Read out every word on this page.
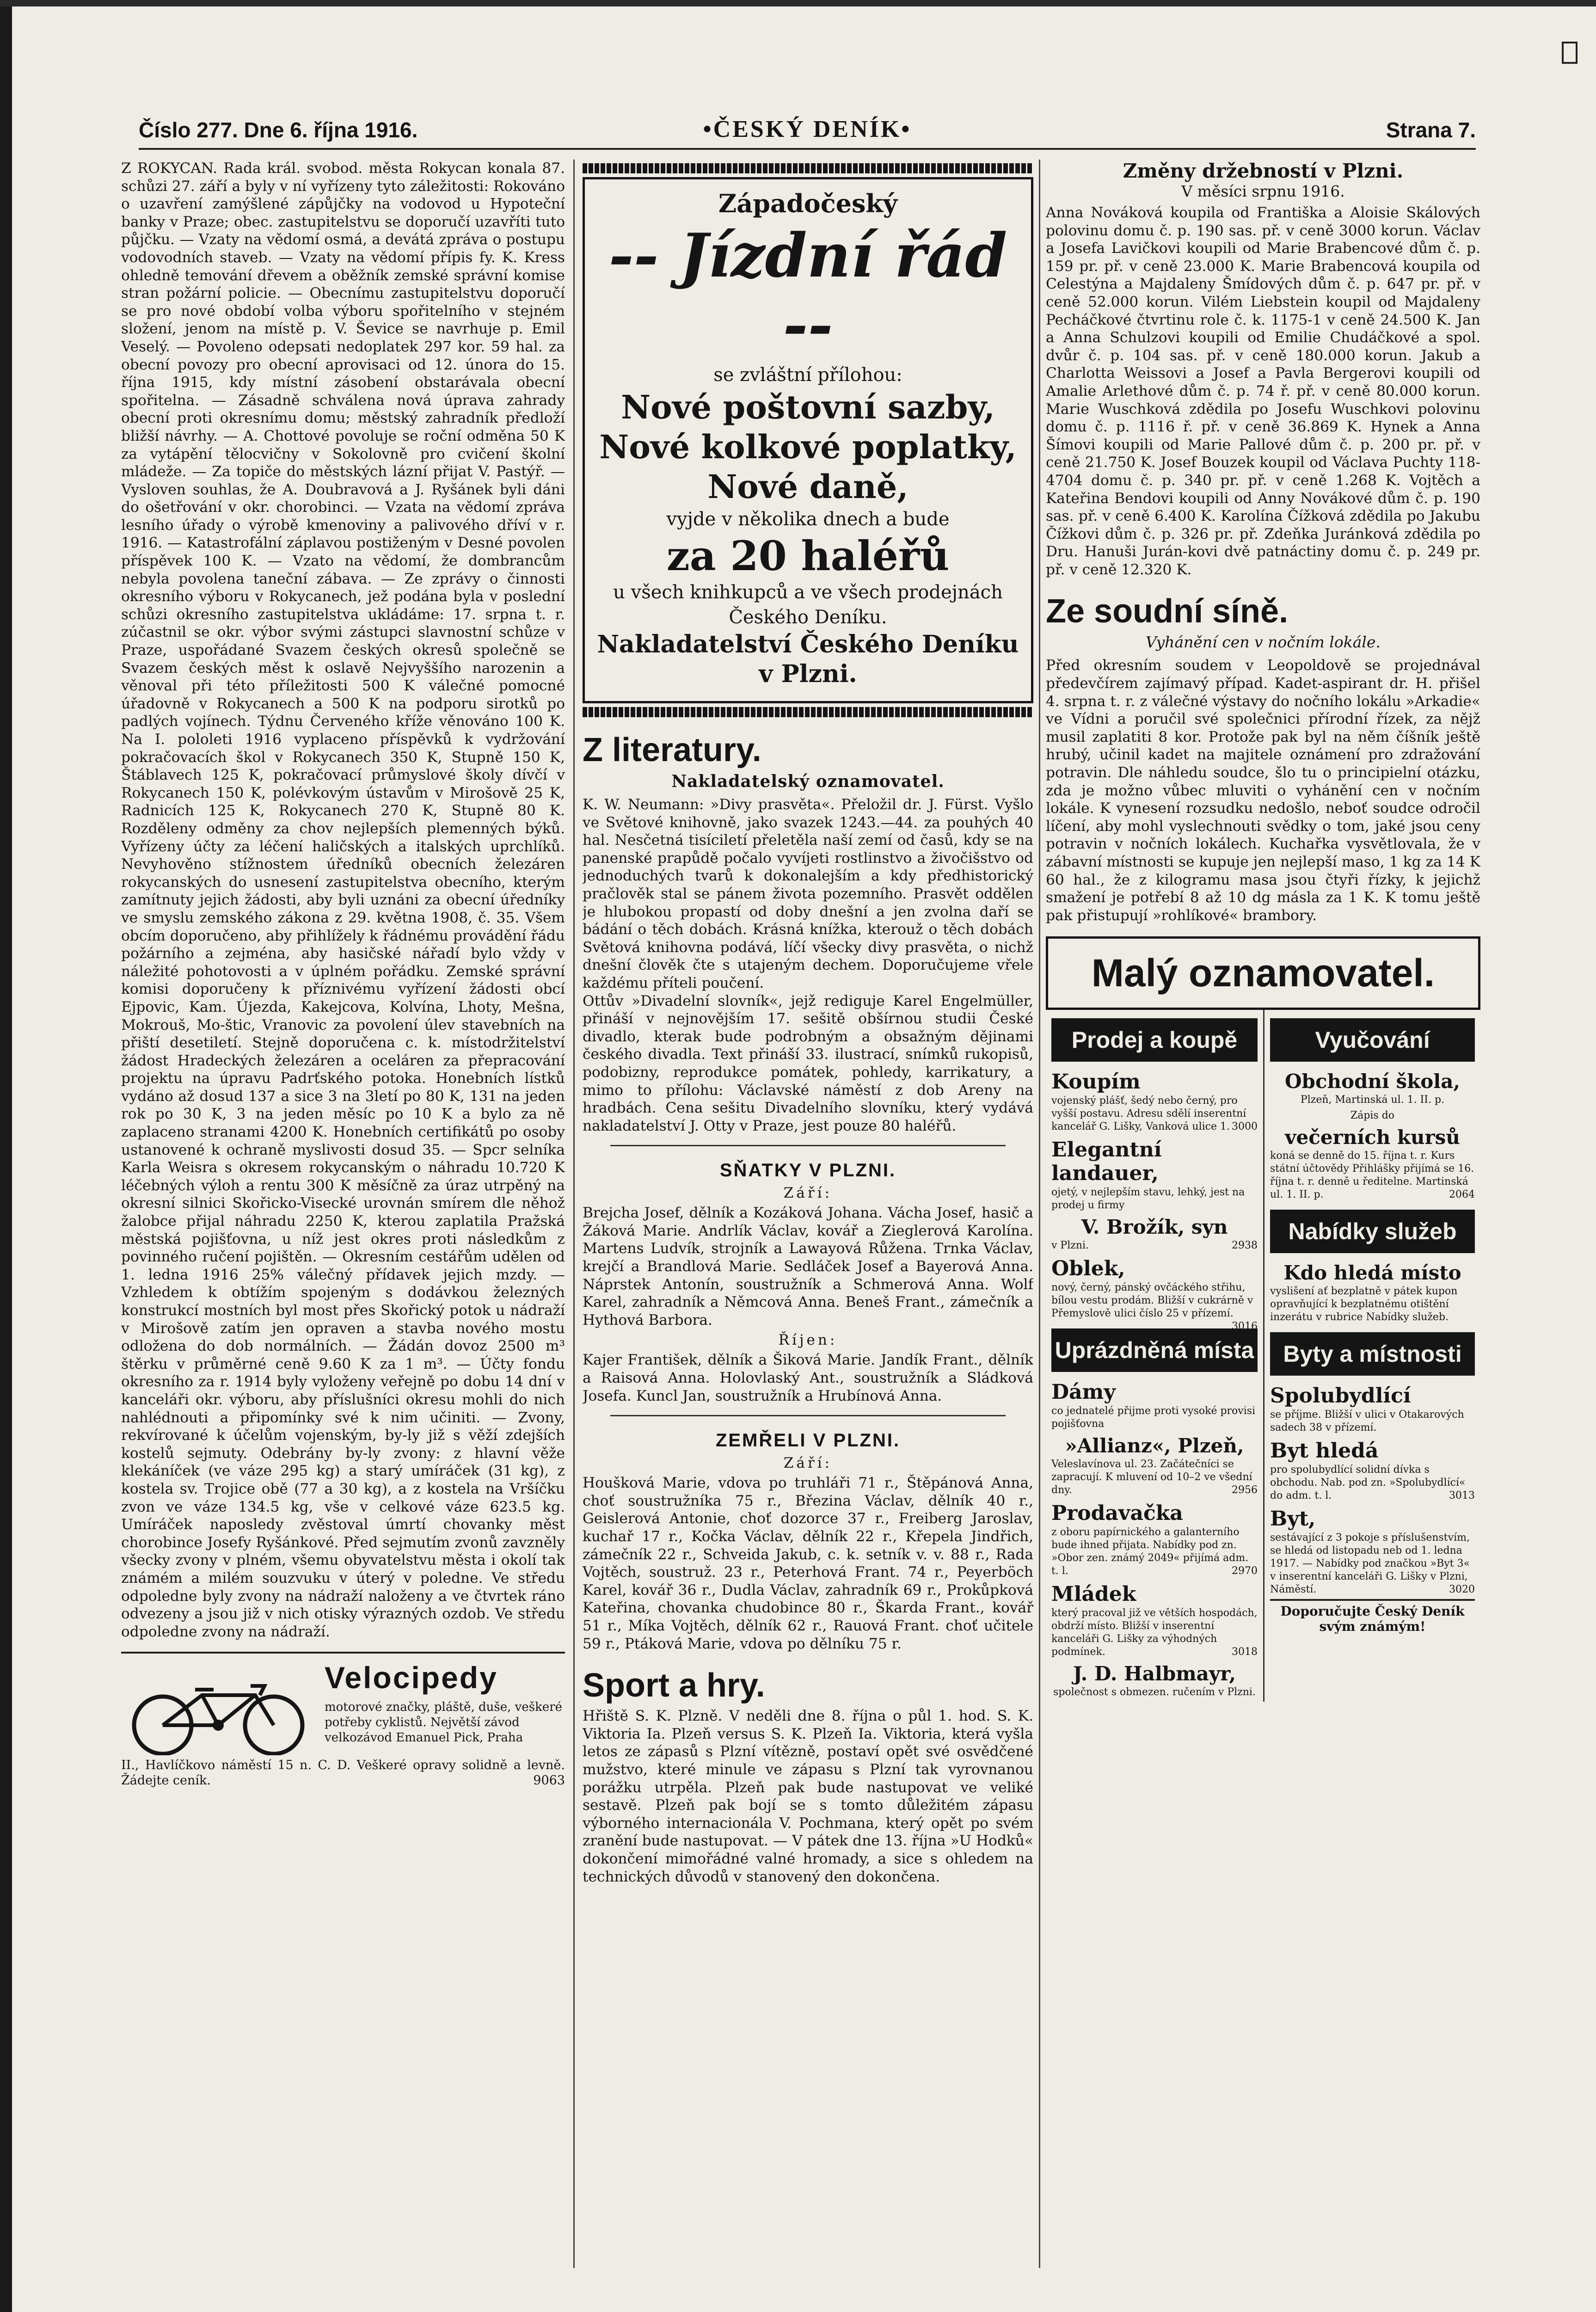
Číslo 277. Dne 6. října 1916.	•ČESKÝ DENÍK•	Strana 7.

Z ROKYCAN. Rada král. svobod. města Rokycan konala 87. schůzi 27. září a byly v ní vyřízeny tyto záležitosti: Rokováno o uzavření zamýšlené zápůjčky na vodovod u Hypoteční banky v Praze; obec. zastupitelstvu se doporučí uzavříti tuto půjčku. — Vzaty na vědomí osmá, a devátá zpráva o postupu vodovodních staveb. — Vzaty na vědomí přípis fy. K. Kress ohledně temování dřevem a oběžník zemské správní komise stran požární policie. — Obecnímu zastupitelstvu doporučí se pro nové období volba výboru spořitelního v stejném složení, jenom na místě p. V. Ševice se navrhuje p. Emil Veselý. — Povoleno odepsati nedoplatek 297 kor. 59 hal. za obecní povozy pro obecní aprovisaci od 12. února do 15. října 1915, kdy místní zásobení obstarávala obecní spořitelna. — Zásadně schválena nová úprava zahrady obecní proti okresnímu domu; městský zahradník předloží bližší návrhy. — A. Chottové povoluje se roční odměna 50 K za vytápění tělocvičny v Sokolovně pro cvičení školní mládeže. — Za topiče do městských lázní přijat V. Pastýř. — Vysloven souhlas, že A. Doubravová a J. Ryšánek byli dáni do ošetřování v okr. chorobinci. — Vzata na vědomí zpráva lesního úřady o výrobě kmenoviny a palivového dříví v r. 1916. — Katastrofální záplavou postiženým v Desné povolen příspěvek 100 K. — Vzato na vědomí, že dombrancům nebyla povolena taneční zábava. — Ze zprávy o činnosti okresního výboru v Rokycanech, jež podána byla v poslední schůzi okresního zastupitelstva ukládáme: 17. srpna t. r. zúčastnil se okr. výbor svými zástupci slavnostní schůze v Praze, uspořádané Svazem českých okresů společně se Svazem českých měst k oslavě Nejvyššího narozenin a věnoval při této příležitosti 500 K válečné pomocné úřadovně v Rokycanech a 500 K na podporu sirotků po padlých vojínech. Týdnu Červeného kříže věnováno 100 K. Na I. pololeti 1916 vyplaceno příspěvků k vydržování pokračovacích škol v Rokycanech 350 K, Stupně 150 K, Štáblavech 125 K, pokračovací průmyslové školy dívčí v Rokycanech 150 K, polévkovým ústavům v Mirošově 25 K, Radnicích 125 K, Rokycanech 270 K, Stupně 80 K. Rozděleny odměny za chov nejlepších plemenných býků. Vyřízeny účty za léčení haličských a italských uprchlíků. Nevyhověno stížnostem úředníků obecních železáren rokycanských do usnesení zastupitelstva obecního, kterým zamítnuty jejich žádosti, aby byli uznáni za obecní úředníky ve smyslu zemského zákona z 29. května 1908, č. 35. Všem obcím doporučeno, aby přihlížely k řádnému provádění řádu požárního a zejména, aby hasičské nářadí bylo vždy v náležité pohotovosti a v úplném pořádku. Zemské správní komisi doporučeny k příznivému vyřízení žádosti obcí Ejpovic, Kam. Újezda, Kakejcova, Kolvína, Lhoty, Mešna, Mokrouš, Mo-štic, Vranovic za povolení úlev stavebních na přiští desetiletí. Stejně doporučena c. k. místodržitelství žádost Hradeckých železáren a oceláren za přepracování projektu na úpravu Padrťského potoka. Honebních lístků vydáno až dosud 137 a sice 3 na 3letí po 80 K, 131 na jeden rok po 30 K, 3 na jeden měsíc po 10 K a bylo za ně zaplaceno stranami 4200 K. Honebních certifikátů po osoby ustanovené k ochraně myslivosti dosud 35. — Spcr selníka Karla Weisra s okresem rokycanským o náhradu 10.720 K léčebných výloh a rentu 300 K měsíčně za úraz utrpěný na okresní silnici Skořicko-Visecké urovnán smírem dle něhož žalobce přijal náhradu 2250 K, kterou zaplatila Pražská městská pojišťovna, u níž jest okres proti následkům z povinného ručení pojištěn. — Okresním cestářům udělen od 1. ledna 1916 25% válečný přídavek jejich mzdy. — Vzhledem k obtížím spojeným s dodávkou železných konstrukcí mostních byl most přes Skořický potok u nádraží v Mirošově zatím jen opraven a stavba nového mostu odložena do dob normálních. — Žádán dovoz 2500 m³ štěrku v průměrné ceně 9.60 K za 1 m³. — Účty fondu okresního za r. 1914 byly vyloženy veřejně po dobu 14 dní v kanceláři okr. výboru, aby příslušníci okresu mohli do nich nahlédnouti a připomínky své k nim učiniti. — Zvony, rekvírované k účelům vojenským, by-ly již s věží zdejších kostelů sejmuty. Odebrány by-ly zvony: z hlavní věže klekáníček (ve váze 295 kg) a starý umíráček (31 kg), z kostela sv. Trojice obě (77 a 30 kg), a z kostela na Vršíčku zvon ve váze 134.5 kg, vše v celkové váze 623.5 kg. Umíráček naposledy zvěstoval úmrtí chovanky měst chorobince Josefy Ryšánkové. Před sejmutím zvonů zavzněly všecky zvony v plném, všemu obyvatelstvu města i okolí tak známém a milém souzvuku v úterý v poledne. Ve středu odpoledne byly zvony na nádraží naloženy a ve čtvrtek ráno odvezeny a jsou již v nich otisky výrazných ozdob. Ve středu odpoledne zvony na nádraží.

Velocipedy
motorové značky, pláště, duše, veškeré potřeby cyklistů. Největší závod velkozávod Emanuel Pick, Praha
II., Havlíčkovo náměstí 15 n. C. D. Veškeré opravy solidně a levně. Žádejte ceník.	9063
Západočeský
-- Jízdní řád --
se zvláštní přílohou:
Nové poštovní sazby,
Nové kolkové poplatky,
Nové daně,
vyjde v několika dnech a bude
za 20 haléřů
u všech knihkupců a ve všech prodejnách Českého Deníku.
Nakladatelství Českého Deníku v Plzni.
Z literatury.
Nakladatelský oznamovatel.

K. W. Neumann: »Divy prasvěta«. Přeložil dr. J. Fürst. Vyšlo ve Světové knihovně, jako svazek 1243.—44. za pouhých 40 hal. Nesčetná tisíciletí přeletěla naší zemí od časů, kdy se na panenské prapůdě počalo vyvíjeti rostlinstvo a živočišstvo od jednoduchých tvarů k dokonalejším a kdy předhistorický pračlověk stal se pánem života pozemního. Prasvět oddělen je hlubokou propastí od doby dnešní a jen zvolna daří se bádání o těch dobách. Krásná knížka, kterouž o těch dobách Světová knihovna podává, líčí všecky divy prasvěta, o nichž dnešní člověk čte s utajeným dechem. Doporučujeme vřele každému příteli poučení.

Ottův »Divadelní slovník«, jejž rediguje Karel Engelmüller, přináší v nejnovějším 17. sešitě obšírnou studii České divadlo, kterak bude podrobným a obsažným dějinami českého divadla. Text přináší 33. ilustrací, snímků rukopisů, podobizny, reprodukce pomátek, pohledy, karrikatury, a mimo to přílohu: Václavské náměstí z dob Areny na hradbách. Cena sešitu Divadelního slovníku, který vydává nakladatelství J. Otty v Praze, jest pouze 80 haléřů.

SŇATKY V PLZNI.
Září:

Brejcha Josef, dělník a Kozáková Johana. Vácha Josef, hasič a Žáková Marie. Andrlík Václav, kovář a Zieglerová Karolína. Martens Ludvík, strojník a Lawayová Růžena. Trnka Václav, krejčí a Brandlová Marie. Sedláček Josef a Bayerová Anna. Náprstek Antonín, soustružník a Schmerová Anna. Wolf Karel, zahradník a Němcová Anna. Beneš Frant., zámečník a Hythová Barbora.

Říjen:

Kajer František, dělník a Šiková Marie. Jandík Frant., dělník a Raisová Anna. Holovlaský Ant., soustružník a Sládková Josefa. Kuncl Jan, soustružník a Hrubínová Anna.

ZEMŘELI V PLZNI.
Září:

Houšková Marie, vdova po truhláři 71 r., Štěpánová Anna, choť soustružníka 75 r., Březina Václav, dělník 40 r., Geislerová Antonie, choť dozorce 37 r., Freiberg Jaroslav, kuchař 17 r., Kočka Václav, dělník 22 r., Křepela Jindřich, zámečník 22 r., Schveida Jakub, c. k. setník v. v. 88 r., Rada Vojtěch, soustruž. 23 r., Peterhová Frant. 74 r., Peyerböch Karel, kovář 36 r., Dudla Václav, zahradník 69 r., Prokůpková Kateřina, chovanka chudobince 80 r., Škarda Frant., kovář 51 r., Míka Vojtěch, dělník 62 r., Rauová Frant. choť učitele 59 r., Ptáková Marie, vdova po dělníku 75 r.

Sport a hry.

Hřiště S. K. Plzně. V neděli dne 8. října o půl 1. hod. S. K. Viktoria Ia. Plzeň versus S. K. Plzeň Ia. Viktoria, která vyšla letos ze zápasů s Plzní vítězně, postaví opět své osvědčené mužstvo, které minule ve zápasu s Plzní tak vyrovnanou porážku utrpěla. Plzeň pak bude nastupovat ve veliké sestavě. Plzeň pak bojí se s tomto důležitém zápasu výborného internacionála V. Pochmana, který opět po svém zranění bude nastupovat. — V pátek dne 13. října »U Hodků« dokončení mimořádné valné hromady, a sice s ohledem na technických důvodů v stanovený den dokončena.

Změny držebností v Plzni.
V měsíci srpnu 1916.

Anna Nováková koupila od Františka a Aloisie Skálových polovinu domu č. p. 190 sas. př. v ceně 3000 korun. Václav a Josefa Lavičkovi koupili od Marie Brabencové dům č. p. 159 pr. př. v ceně 23.000 K. Marie Brabencová koupila od Celestýna a Majdaleny Šmídových dům č. p. 647 pr. př. v ceně 52.000 korun. Vilém Liebstein koupil od Majdaleny Pecháčkové čtvrtinu role č. k. 1175-1 v ceně 24.500 K. Jan a Anna Schulzovi koupili od Emilie Chudáčkové a spol. dvůr č. p. 104 sas. př. v ceně 180.000 korun. Jakub a Charlotta Weissovi a Josef a Pavla Bergerovi koupili od Amalie Arlethové dům č. p. 74 ř. př. v ceně 80.000 korun. Marie Wuschková zdědila po Josefu Wuschkovi polovinu domu č. p. 1116 ř. př. v ceně 36.869 K. Hynek a Anna Šímovi koupili od Marie Pallové dům č. p. 200 pr. př. v ceně 21.750 K. Josef Bouzek koupil od Václava Puchty 118-4704 domu č. p. 340 pr. př. v ceně 1.268 K. Vojtěch a Kateřina Bendovi koupili od Anny Novákové dům č. p. 190 sas. př. v ceně 6.400 K. Karolína Čížková zdědila po Jakubu Čížkovi dům č. p. 326 pr. př. Zdeňka Juránková zdědila po Dru. Hanuši Jurán-kovi dvě patnáctiny domu č. p. 249 pr. př. v ceně 12.320 K.

Ze soudní síně.
Vyhánění cen v nočním lokále.

Před okresním soudem v Leopoldově se projednával předevčírem zajímavý případ. Kadet-aspirant dr. H. přišel 4. srpna t. r. z válečné výstavy do nočního lokálu »Arkadie« ve Vídni a poručil své společnici přírodní řízek, za nějž musil zaplatiti 8 kor. Protože pak byl na něm číšník ještě hrubý, učinil kadet na majitele oznámení pro zdražování potravin. Dle náhledu soudce, šlo tu o principielní otázku, zda je možno vůbec mluviti o vyhánění cen v nočním lokále. K vynesení rozsudku nedošlo, neboť soudce odročil líčení, aby mohl vyslechnouti svědky o tom, jaké jsou ceny potravin v nočních lokálech. Kuchařka vysvětlovala, že v zábavní místnosti se kupuje jen nejlepší maso, 1 kg za 14 K 60 hal., že z kilogramu masa jsou čtyři řízky, k jejichž smažení je potřebí 8 až 10 dg másla za 1 K. K tomu ještě pak přistupují »rohlíkové« brambory.

Malý oznamovatel.
Prodej a koupě
Koupím

vojenský plášť, šedý nebo černý, pro vyšší postavu. Adresu sdělí inserentní kancelář G. Lišky, Vanková ulice 1. 3000

Elegantní landauer,

ojetý, v nejlepším stavu, lehký, jest na prodej u firmy

V. Brožík, syn

v Plzni.	2938

Oblek,

nový, černý, pánský ovčáckého střihu, bílou vestu prodám. Bližší v cukrárně v Přemyslově ulici číslo 25 v přízemí.
3016

Uprázdněná místa
Dámy

co jednatelé přijme proti vysoké provisi pojišťovna

»Allianz«, Plzeň,

Veleslavínova ul. 23. Začátečníci se zapracují. K mluvení od 10–2 ve všední dny.	2956

Prodavačka

z oboru papírnického a galanterního bude ihned přijata. Nabídky pod zn. »Obor zen. známý 2049« přijímá adm. t. l.	2970

Mládek

který pracoval již ve větších hospodách, obdrží místo. Bližší v inserentní kanceláři G. Lišky za výhodných podmínek.	3018

J. D. Halbmayr,

společnost s obmezen. ručením v Plzni.

Vyučování
Obchodní škola,

Plzeň, Martinská ul. 1. II. p.

Zápis do

večerních kursů

koná se denně do 15. října t. r. Kurs státní účtovědy Přihlášky přijímá se 16. října t. r. denně u ředitelne. Martinská ul. 1. II. p.	2064

Nabídky služeb
Kdo hledá místo

vyslišení ať bezplatně v pátek kupon opravňující k bezplatnému otištění inzerátu v rubrice Nabídky služeb.

Byty a místnosti
Spolubydlící

se příjme. Bližší v ulici v Otakarových sadech 38 v přízemí.

Byt hledá

pro spolubydlící solidní dívka s obchodu. Nab. pod zn. »Spolubydlící« do adm. t. l.	3013

Byt,

sestávající z 3 pokoje s příslušenstvím, se hledá od listopadu neb od 1. ledna 1917. — Nabídky pod značkou »Byt 3« v inserentní kanceláři G. Lišky v Plzni, Náměstí.	3020

Doporučujte Český Deník svým známým!
